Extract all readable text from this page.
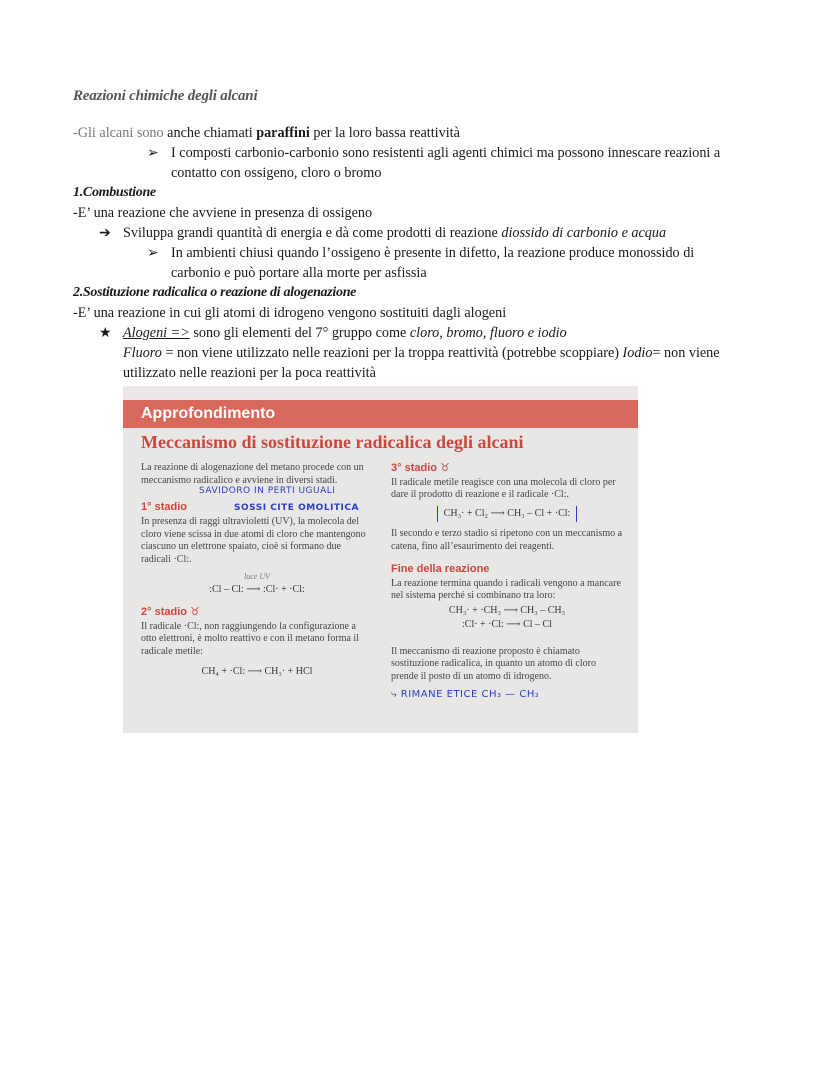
Reazioni chimiche degli alcani
-Gli alcani sono anche chiamati paraffini per la loro bassa reattività
➢ I composti carbonio-carbonio sono resistenti agli agenti chimici ma possono innescare reazioni a
contatto con ossigeno, cloro o bromo
1.Combustione
-E’ una reazione che avviene in presenza di ossigeno
➔ Sviluppa grandi quantità di energia e dà come prodotti di reazione diossido di carbonio e acqua
➢ In ambienti chiusi quando l’ossigeno è presente in difetto, la reazione produce monossido di
carbonio e può portare alla morte per asfissia
2.Sostituzione radicalica o reazione di alogenazione
-E’ una reazione in cui gli atomi di idrogeno vengono sostituiti dagli alogeni
★ Alogeni => sono gli elementi del 7° gruppo come cloro, bromo, fluoro e iodio
Fluoro = non viene utilizzato nelle reazioni per la troppa reattività (potrebbe scoppiare) Iodio= non viene
utilizzato nelle reazioni per la poca reattività
Approfondimento
Meccanismo di sostituzione radicalica degli alcani
La reazione di alogenazione del metano procede con un meccanismo radicalico e avviene in diversi stadi.
SAVIDORO IN PERTI UGUALI
1° stadio	SOSSI CITE OMOLITICA
In presenza di raggi ultravioletti (UV), la molecola del cloro viene scissa in due atomi di cloro che mantengono ciascuno un elettrone spaiato, cioè si formano due radicali ·Cl:.
luce UV
:Cl – Cl: ⟶ :Cl· + ·Cl:
2° stadio ♉
Il radicale ·Cl:, non raggiungendo la configurazione a otto elettroni, è molto reattivo e con il metano forma il radicale metile:
CH₄ + ·Cl: ⟶ CH₃· + HCl
3° stadio ♉
Il radicale metile reagisce con una molecola di cloro per dare il prodotto di reazione e il radicale ·Cl:.
CH₃· + Cl₂ ⟶ CH₃ – Cl + ·Cl:
Il secondo e terzo stadio si ripetono con un meccanismo a catena, fino all’esaurimento dei reagenti.
Fine della reazione
La reazione termina quando i radicali vengono a mancare nel sistema perché si combinano tra loro:
CH₃· + ·CH₃ ⟶ CH₃ – CH₃
:Cl· + ·Cl: ⟶ Cl – Cl
Il meccanismo di reazione proposto è chiamato sostituzione radicalica, in quanto un atomo di cloro prende il posto di un atomo di idrogeno.
⤷ RIMANE ETICE CH₃ — CH₂
